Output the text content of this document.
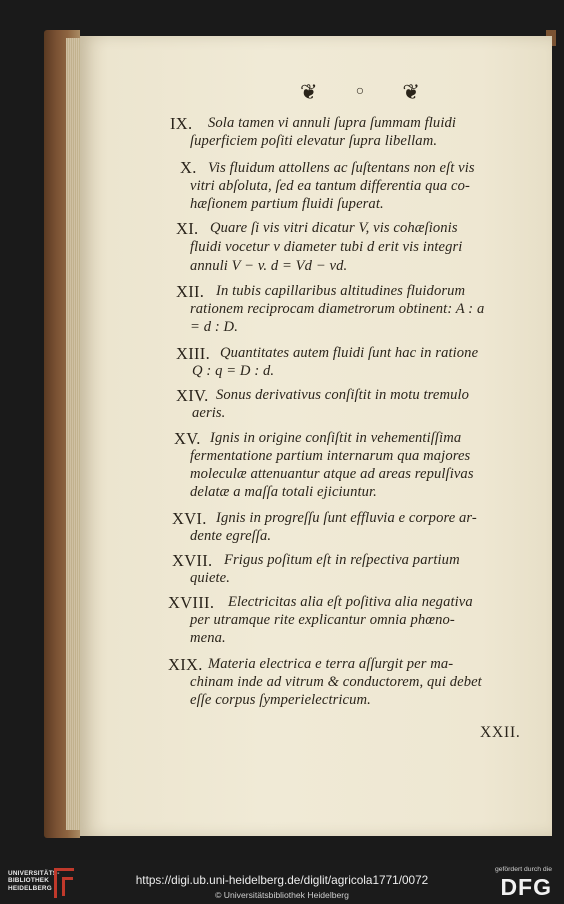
❦	○ ❦
IX. Sola tamen vi annuli ſupra ſummam fluidi
ſuperficiem poſiti elevatur ſupra libellam.
X. Vis fluidum attollens ac ſuſtentans non eſt vis
vitri abſoluta, ſed ea tantum differentia qua co-
hæſionem partium fluidi ſuperat.
XI. Quare ſi vis vitri dicatur V, vis cohæſionis
fluidi vocetur v diameter tubi d erit vis integri
annuli V − v. d = Vd − vd.
XII. In tubis capillaribus altitudines fluidorum
rationem reciprocam diametrorum obtinent: A : a
= d : D.
XIII. Quantitates autem fluidi ſunt hac in ratione
Q : q = D : d.
XIV. Sonus derivativus conſiſtit in motu tremulo
aeris.
XV. Ignis in origine conſiſtit in vehementiſſima
fermentatione partium internarum qua majores
moleculæ attenuantur atque ad areas repulſivas
delatæ a maſſa totali ejiciuntur.
XVI. Ignis in progreſſu ſunt effluvia e corpore ar-
dente egreſſa.
XVII. Frigus poſitum eſt in reſpectiva partium
quiete.
XVIII. Electricitas alia eſt poſitiva alia negativa
per utramque rite explicantur omnia phœno-
mena.
XIX. Materia electrica e terra aſſurgit per ma-
chinam inde ad vitrum & conductorem, qui debet
eſſe corpus ſymperielectricum.
XXII.
UNIVERSITÄTS-
BIBLIOTHEK
HEIDELBERG
https://digi.ub.uni-heidelberg.de/diglit/agricola1771/0072
© Universitätsbibliothek Heidelberg
gefördert durch die
DFG
